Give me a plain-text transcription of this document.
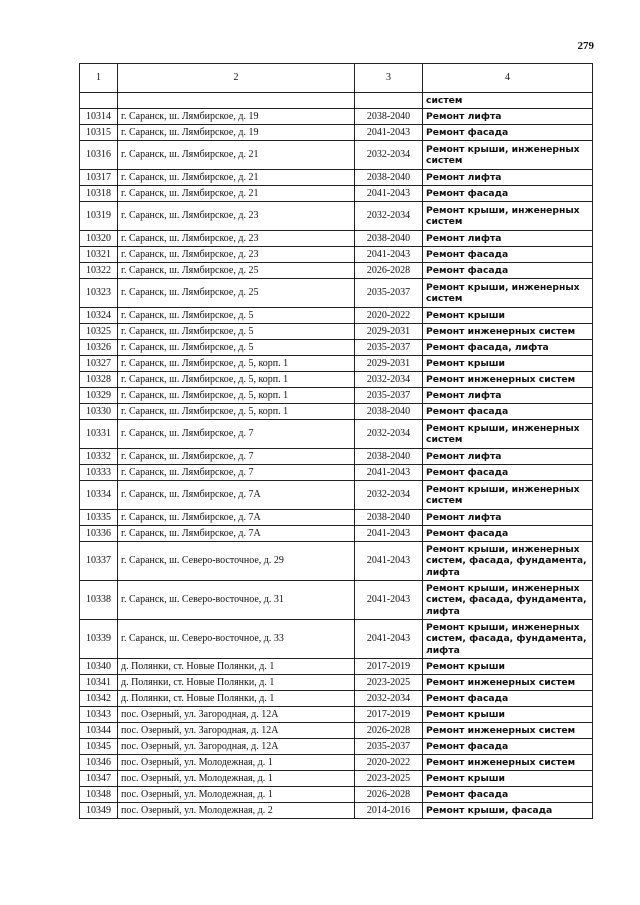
279
1	2	3	4
			систем
10314	г. Саранск, ш. Лямбирское, д. 19	2038-2040	Ремонт лифта
10315	г. Саранск, ш. Лямбирское, д. 19	2041-2043	Ремонт фасада
10316	г. Саранск, ш. Лямбирское, д. 21	2032-2034	Ремонт крыши, инженерных систем
10317	г. Саранск, ш. Лямбирское, д. 21	2038-2040	Ремонт лифта
10318	г. Саранск, ш. Лямбирское, д. 21	2041-2043	Ремонт фасада
10319	г. Саранск, ш. Лямбирское, д. 23	2032-2034	Ремонт крыши, инженерных систем
10320	г. Саранск, ш. Лямбирское, д. 23	2038-2040	Ремонт лифта
10321	г. Саранск, ш. Лямбирское, д. 23	2041-2043	Ремонт фасада
10322	г. Саранск, ш. Лямбирское, д. 25	2026-2028	Ремонт фасада
10323	г. Саранск, ш. Лямбирское, д. 25	2035-2037	Ремонт крыши, инженерных систем
10324	г. Саранск, ш. Лямбирское, д. 5	2020-2022	Ремонт крыши
10325	г. Саранск, ш. Лямбирское, д. 5	2029-2031	Ремонт инженерных систем
10326	г. Саранск, ш. Лямбирское, д. 5	2035-2037	Ремонт фасада, лифта
10327	г. Саранск, ш. Лямбирское, д. 5, корп. 1	2029-2031	Ремонт крыши
10328	г. Саранск, ш. Лямбирское, д. 5, корп. 1	2032-2034	Ремонт инженерных систем
10329	г. Саранск, ш. Лямбирское, д. 5, корп. 1	2035-2037	Ремонт лифта
10330	г. Саранск, ш. Лямбирское, д. 5, корп. 1	2038-2040	Ремонт фасада
10331	г. Саранск, ш. Лямбирское, д. 7	2032-2034	Ремонт крыши, инженерных систем
10332	г. Саранск, ш. Лямбирское, д. 7	2038-2040	Ремонт лифта
10333	г. Саранск, ш. Лямбирское, д. 7	2041-2043	Ремонт фасада
10334	г. Саранск, ш. Лямбирское, д. 7А	2032-2034	Ремонт крыши, инженерных систем
10335	г. Саранск, ш. Лямбирское, д. 7А	2038-2040	Ремонт лифта
10336	г. Саранск, ш. Лямбирское, д. 7А	2041-2043	Ремонт фасада
10337	г. Саранск, ш. Северо-восточное, д. 29	2041-2043	Ремонт крыши, инженерных систем, фасада, фундамента, лифта
10338	г. Саранск, ш. Северо-восточное, д. 31	2041-2043	Ремонт крыши, инженерных систем, фасада, фундамента, лифта
10339	г. Саранск, ш. Северо-восточное, д. 33	2041-2043	Ремонт крыши, инженерных систем, фасада, фундамента, лифта
10340	д. Полянки, ст. Новые Полянки, д. 1	2017-2019	Ремонт крыши
10341	д. Полянки, ст. Новые Полянки, д. 1	2023-2025	Ремонт инженерных систем
10342	д. Полянки, ст. Новые Полянки, д. 1	2032-2034	Ремонт фасада
10343	пос. Озерный, ул. Загородная, д. 12А	2017-2019	Ремонт крыши
10344	пос. Озерный, ул. Загородная, д. 12А	2026-2028	Ремонт инженерных систем
10345	пос. Озерный, ул. Загородная, д. 12А	2035-2037	Ремонт фасада
10346	пос. Озерный, ул. Молодежная, д. 1	2020-2022	Ремонт инженерных систем
10347	пос. Озерный, ул. Молодежная, д. 1	2023-2025	Ремонт крыши
10348	пос. Озерный, ул. Молодежная, д. 1	2026-2028	Ремонт фасада
10349	пос. Озерный, ул. Молодежная, д. 2	2014-2016	Ремонт крыши, фасада
